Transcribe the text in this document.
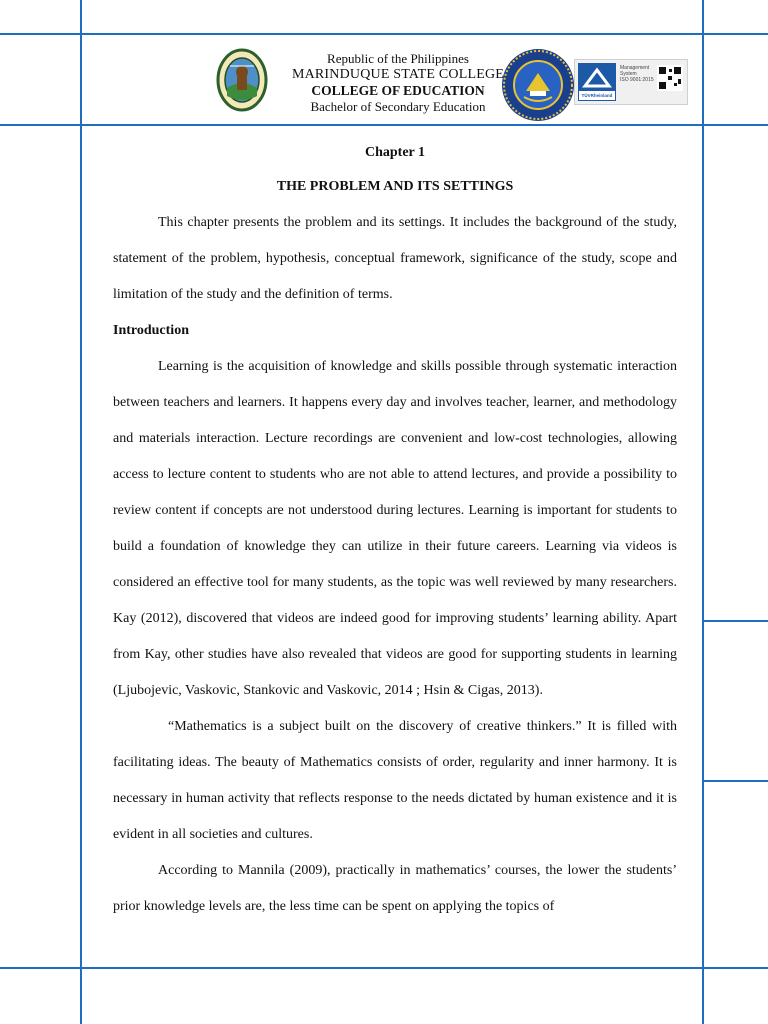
Republic of the Philippines
MARINDUQUE STATE COLLEGE
COLLEGE OF EDUCATION
Bachelor of Secondary Education
TÜVRheinland
Management
System
ISO 9001:2015
Chapter 1
THE PROBLEM AND ITS SETTINGS

This chapter presents the problem and its settings. It includes the background of the study, statement of the problem, hypothesis, conceptual framework, significance of the study, scope and limitation of the study and the definition of terms.

Introduction

Learning is the acquisition of knowledge and skills possible through systematic interaction between teachers and learners. It happens every day and involves teacher, learner, and methodology and materials interaction. Lecture recordings are convenient and low-cost technologies, allowing access to lecture content to students who are not able to attend lectures, and provide a possibility to review content if concepts are not understood during lectures. Learning is important for students to build a foundation of knowledge they can utilize in their future careers. Learning via videos is considered an effective tool for many students, as the topic was well reviewed by many researchers. Kay (2012), discovered that videos are indeed good for improving students’ learning ability. Apart from Kay, other studies have also revealed that videos are good for supporting students in learning (Ljubojevic, Vaskovic, Stankovic and Vaskovic, 2014 ; Hsin & Cigas, 2013).

“Mathematics is a subject built on the discovery of creative thinkers.” It is filled with facilitating ideas. The beauty of Mathematics consists of order, regularity and inner harmony. It is necessary in human activity that reflects response to the needs dictated by human existence and it is evident in all societies and cultures.

According to Mannila (2009), practically in mathematics’ courses, the lower the students’ prior knowledge levels are, the less time can be spent on applying the topics of
